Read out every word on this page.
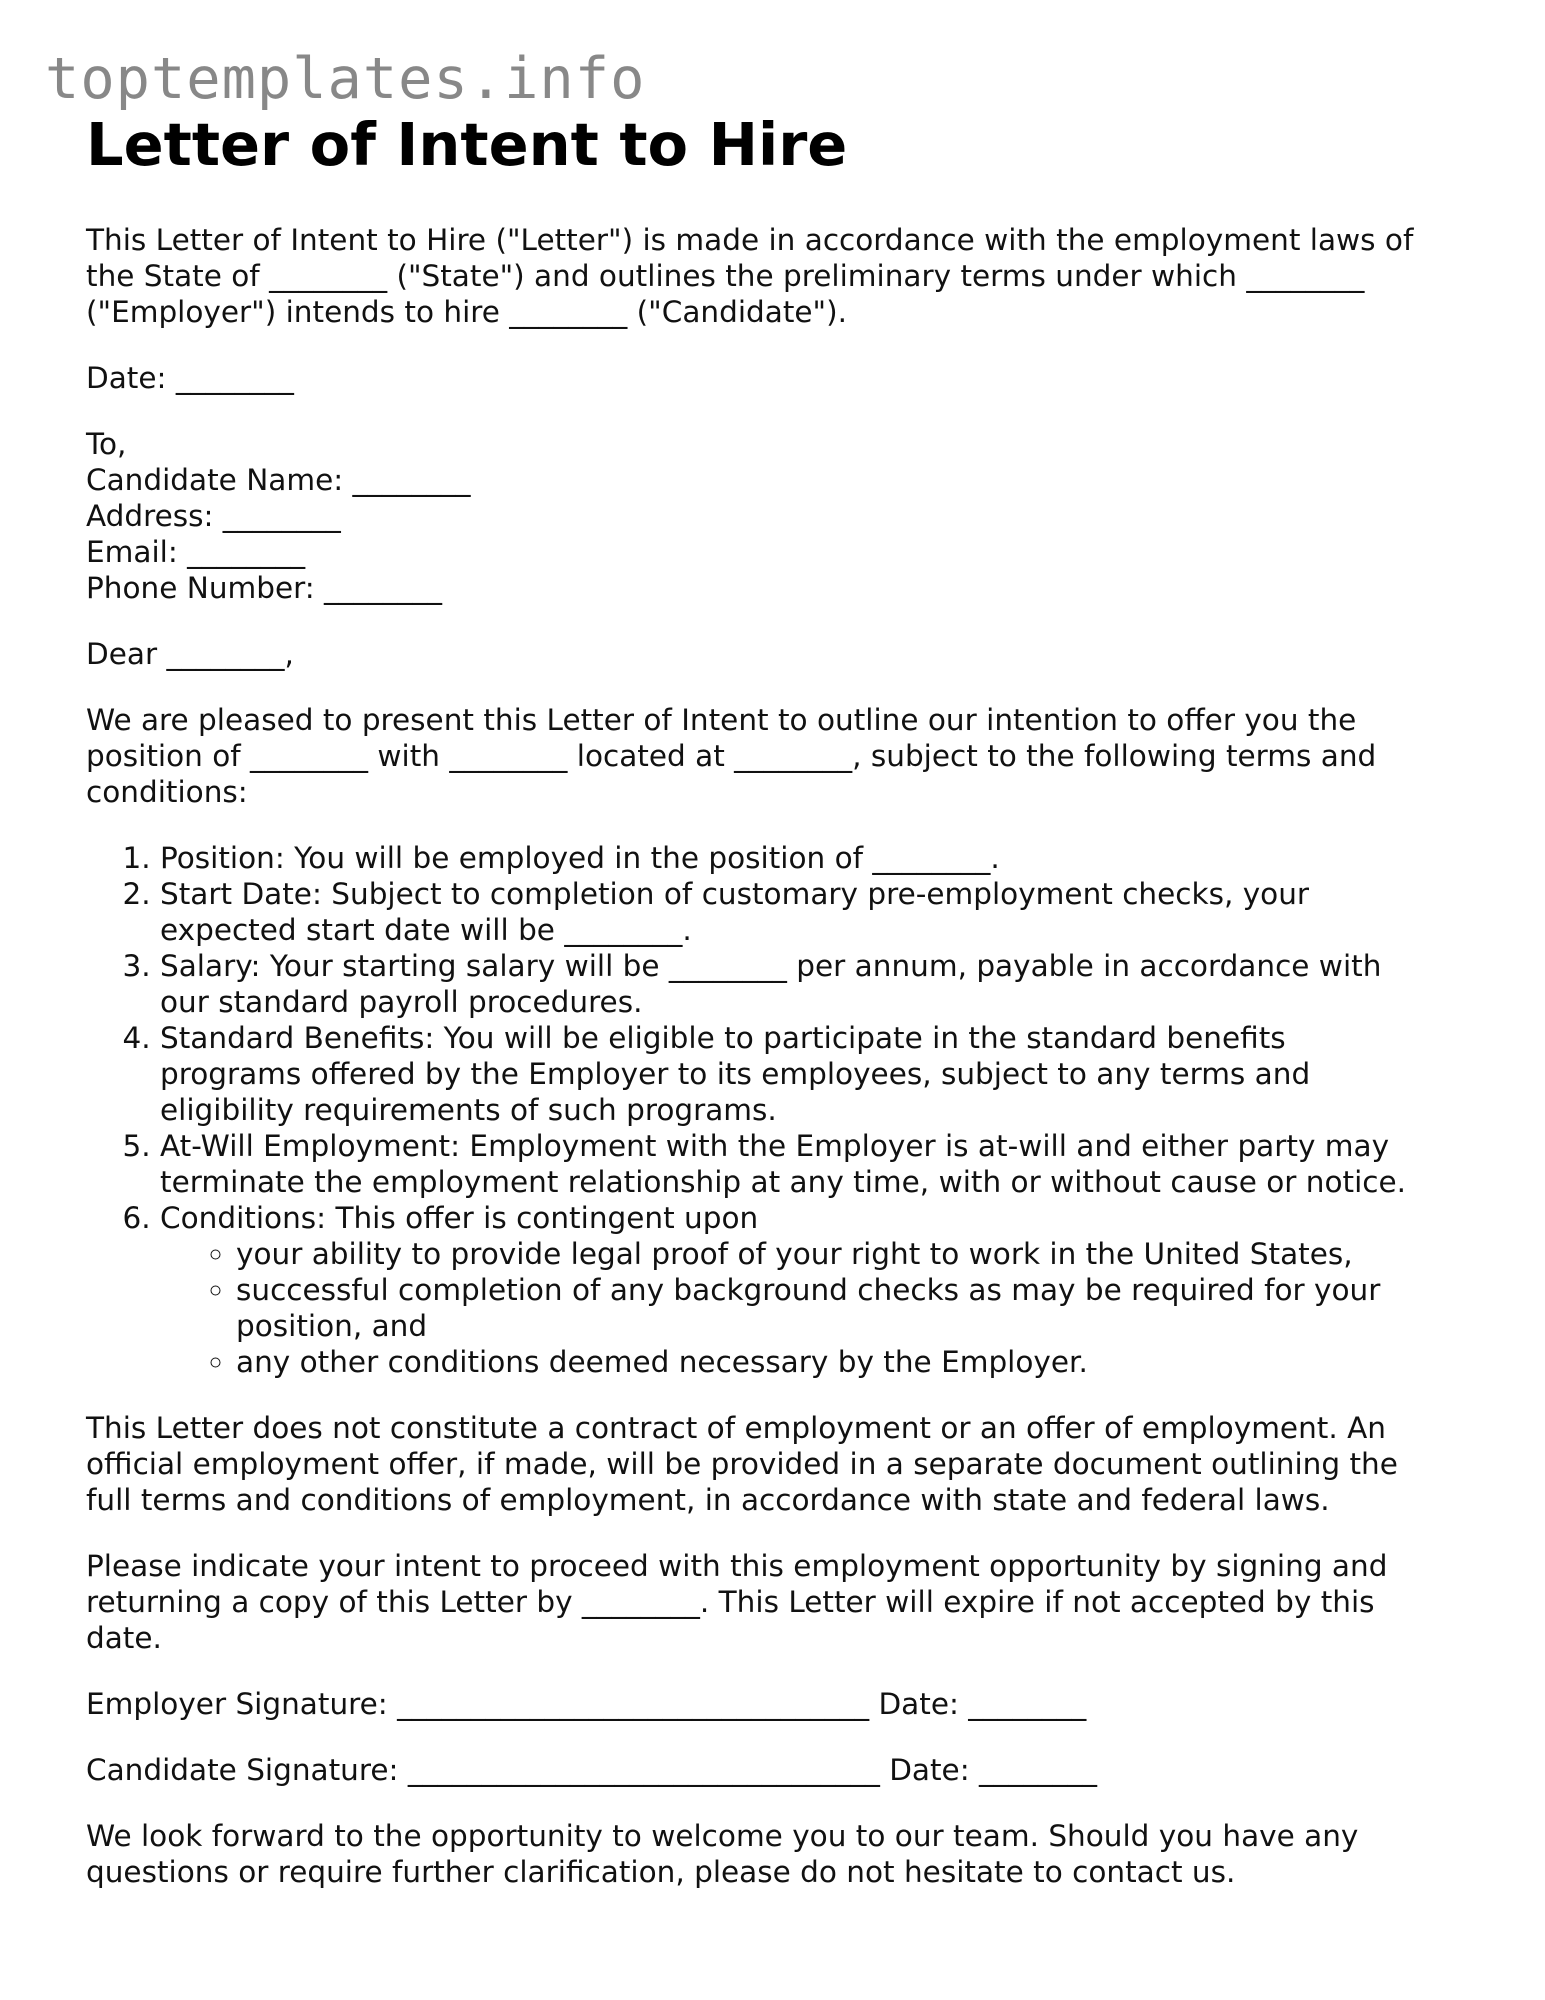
toptemplates.info
Letter of Intent to Hire

This Letter of Intent to Hire ("Letter") is made in accordance with the employment laws of
the State of ________ ("State") and outlines the preliminary terms under which ________
("Employer") intends to hire ________ ("Candidate").

Date: ________

To,
Candidate Name: ________
Address: ________
Email: ________
Phone Number: ________

Dear ________,

We are pleased to present this Letter of Intent to outline our intention to offer you the
position of ________ with ________ located at ________, subject to the following terms and
conditions:

1. Position: You will be employed in the position of ________.
2. Start Date: Subject to completion of customary pre-employment checks, your
expected start date will be ________.
3. Salary: Your starting salary will be ________ per annum, payable in accordance with
our standard payroll procedures.
4. Standard Benefits: You will be eligible to participate in the standard benefits
programs offered by the Employer to its employees, subject to any terms and
eligibility requirements of such programs.
5. At-Will Employment: Employment with the Employer is at-will and either party may
terminate the employment relationship at any time, with or without cause or notice.
6. Conditions: This offer is contingent upon
◦ your ability to provide legal proof of your right to work in the United States,
◦ successful completion of any background checks as may be required for your
position, and
◦ any other conditions deemed necessary by the Employer.

This Letter does not constitute a contract of employment or an offer of employment. An
official employment offer, if made, will be provided in a separate document outlining the
full terms and conditions of employment, in accordance with state and federal laws.

Please indicate your intent to proceed with this employment opportunity by signing and
returning a copy of this Letter by ________. This Letter will expire if not accepted by this
date.

Employer Signature: ________________________________ Date: ________

Candidate Signature: ________________________________ Date: ________

We look forward to the opportunity to welcome you to our team. Should you have any
questions or require further clarification, please do not hesitate to contact us.
